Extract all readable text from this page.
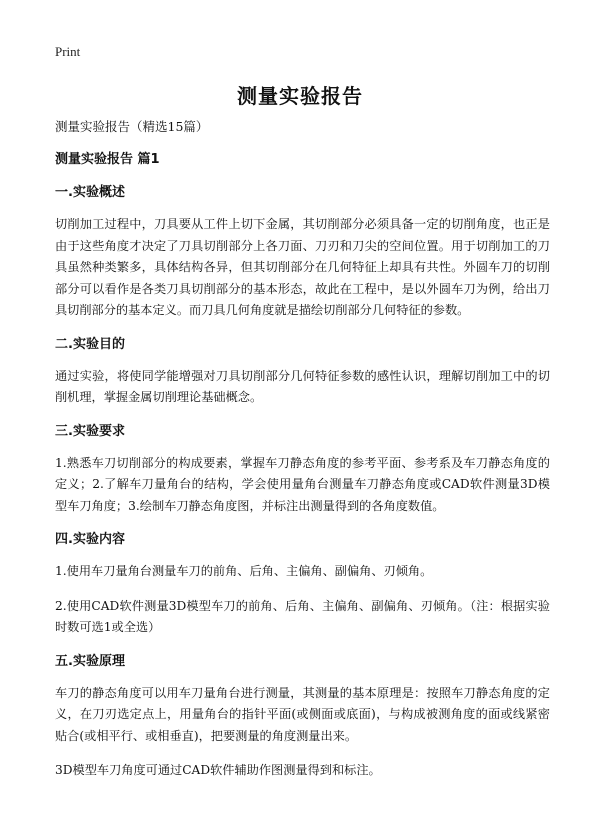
Print
测量实验报告

测量实验报告（精选15篇）

测量实验报告 篇1

一.实验概述

切削加工过程中，刀具要从工件上切下金属，其切削部分必须具备一定的切削角度，也正是由于这些角度才决定了刀具切削部分上各刀面、刀刃和刀尖的空间位置。用于切削加工的刀具虽然种类繁多，具体结构各异，但其切削部分在几何特征上却具有共性。外圆车刀的切削部分可以看作是各类刀具切削部分的基本形态，故此在工程中，是以外圆车刀为例，给出刀具切削部分的基本定义。而刀具几何角度就是描绘切削部分几何特征的参数。

二.实验目的

通过实验，将使同学能增强对刀具切削部分几何特征参数的感性认识，理解切削加工中的切削机理，掌握金属切削理论基础概念。

三.实验要求

1.熟悉车刀切削部分的构成要素，掌握车刀静态角度的参考平面、参考系及车刀静态角度的定义；2.了解车刀量角台的结构，学会使用量角台测量车刀静态角度或CAD软件测量3D模型车刀角度；3.绘制车刀静态角度图，并标注出测量得到的各角度数值。

四.实验内容

1.使用车刀量角台测量车刀的前角、后角、主偏角、副偏角、刃倾角。

2.使用CAD软件测量3D模型车刀的前角、后角、主偏角、副偏角、刃倾角。（注：根据实验时数可选1或全选）

五.实验原理

车刀的静态角度可以用车刀量角台进行测量，其测量的基本原理是：按照车刀静态角度的定义，在刀刃选定点上，用量角台的指针平面(或侧面或底面)，与构成被测角度的面或线紧密贴合(或相平行、或相垂直)，把要测量的角度测量出来。

3D模型车刀角度可通过CAD软件辅助作图测量得到和标注。
